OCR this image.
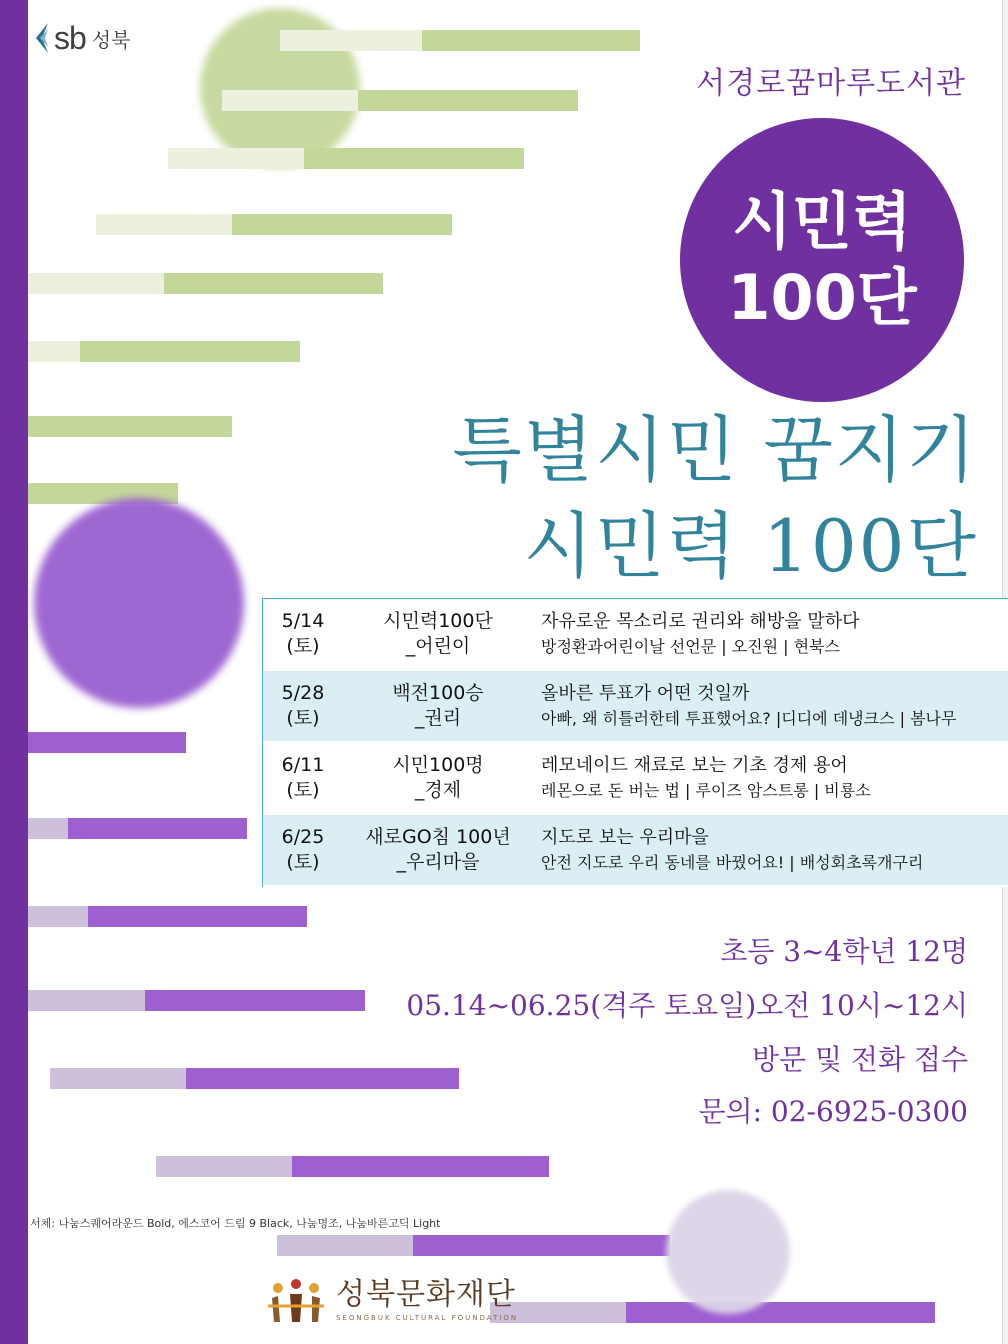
sb 성북
서경로꿈마루도서관
시민력
100단
특별시민 꿈지기
시민력 100단
5/14
(토)
시민력100단
_어린이
자유로운 목소리로 권리와 해방을 말하다
방정환과어린이날 선언문 | 오진원 | 현북스
5/28
(토)
백전100승
_권리
올바른 투표가 어떤 것일까
아빠, 왜 히틀러한테 투표했어요? |디디에 데냉크스 | 봄나무
6/11
(토)
시민100명
_경제
레모네이드 재료로 보는 기초 경제 용어
레몬으로 돈 버는 법 | 루이즈 암스트롱 | 비룡소
6/25
(토)
새로GO침 100년
_우리마을
지도로 보는 우리마을
안전 지도로 우리 동네를 바꿨어요! | 배성회초록개구리
초등 3~4학년 12명
05.14~06.25(격주 토요일)오전 10시~12시
방문 및 전화 접수
문의: 02-6925-0300
서체: 나눔스퀘어라운드 Bold, 에스코어 드림 9 Black, 나눔명조, 나눔바른고딕 Light
성북문화재단
SEONGBUK CULTURAL FOUNDATION
